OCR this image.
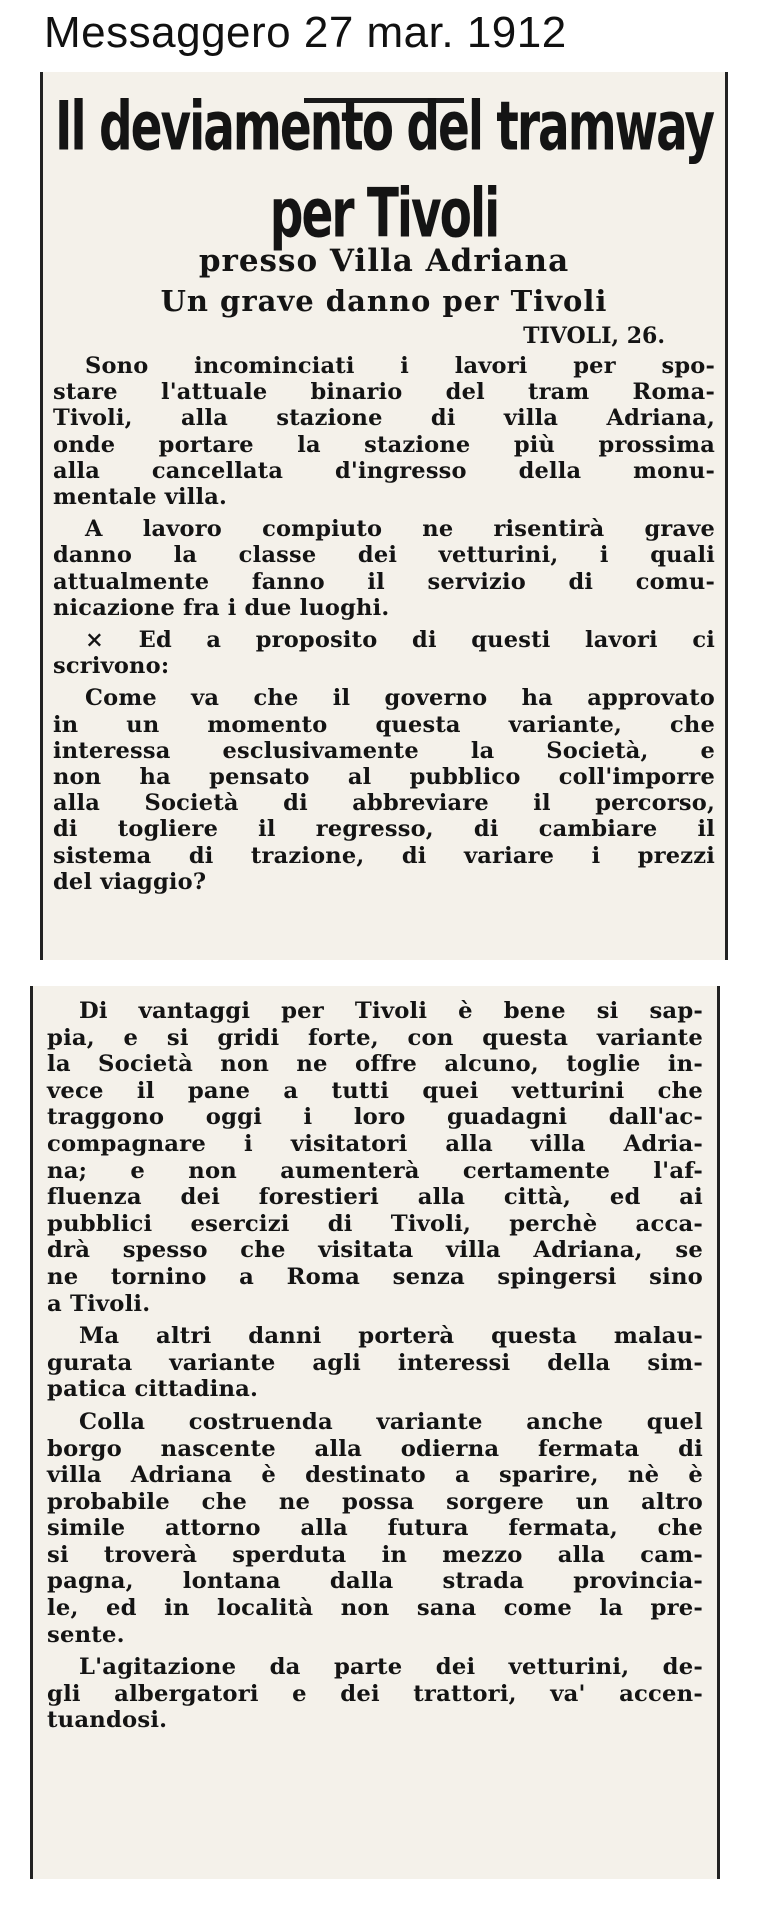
Messaggero 27 mar. 1912
Il deviamento del tramway per Tivoli
presso Villa Adriana
Un grave danno per Tivoli
TIVOLI, 26.
Sono incominciati i lavori per spo-
stare l'attuale binario del tram Roma-
Tivoli, alla stazione di villa Adriana,
onde portare la stazione più prossima
alla cancellata d'ingresso della monu-
mentale villa.
A lavoro compiuto ne risentirà grave
danno la classe dei vetturini, i quali
attualmente fanno il servizio di comu-
nicazione fra i due luoghi.
× Ed a proposito di questi lavori ci
scrivono:
Come va che il governo ha approvato
in un momento questa variante, che
interessa esclusivamente la Società, e
non ha pensato al pubblico coll'imporre
alla Società di abbreviare il percorso,
di togliere il regresso, di cambiare il
sistema di trazione, di variare i prezzi
del viaggio?
Di vantaggi per Tivoli è bene si sap-
pia, e si gridi forte, con questa variante
la Società non ne offre alcuno, toglie in-
vece il pane a tutti quei vetturini che
traggono oggi i loro guadagni dall'ac-
compagnare i visitatori alla villa Adria-
na; e non aumenterà certamente l'af-
fluenza dei forestieri alla città, ed ai
pubblici esercizi di Tivoli, perchè acca-
drà spesso che visitata villa Adriana, se
ne tornino a Roma senza spingersi sino
a Tivoli.
Ma altri danni porterà questa malau-
gurata variante agli interessi della sim-
patica cittadina.
Colla costruenda variante anche quel
borgo nascente alla odierna fermata di
villa Adriana è destinato a sparire, nè è
probabile che ne possa sorgere un altro
simile attorno alla futura fermata, che
si troverà sperduta in mezzo alla cam-
pagna, lontana dalla strada provincia-
le, ed in località non sana come la pre-
sente.
L'agitazione da parte dei vetturini, de-
gli albergatori e dei trattori, va' accen-
tuandosi.
